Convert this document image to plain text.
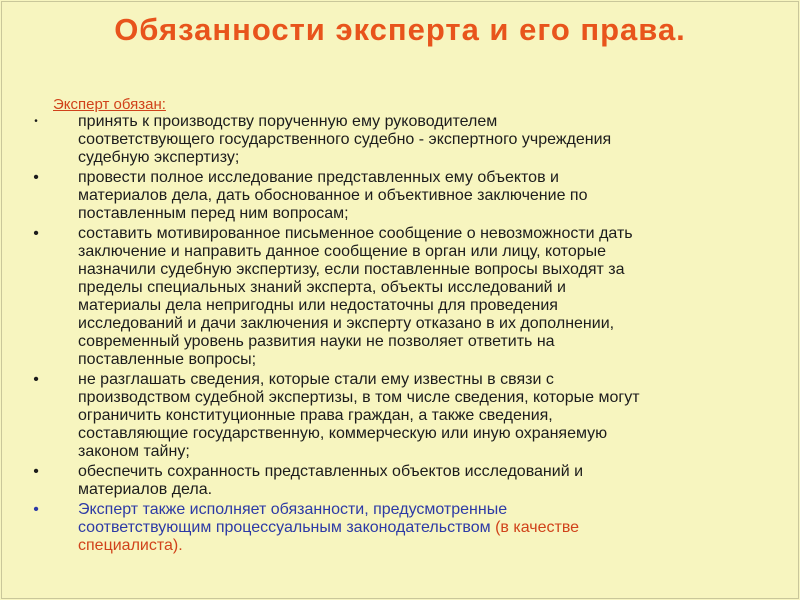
Обязанности эксперта и его права.

Эксперт обязан:

•	принять к производству порученную ему руководителем
соответствующего государственного судебно - экспертного учреждения
судебную экспертизу;
• провести полное исследование представленных ему объектов и
материалов дела, дать обоснованное и объективное заключение по
поставленным перед ним вопросам;
• составить мотивированное письменное сообщение о невозможности дать
заключение и направить данное сообщение в орган или лицу, которые
назначили судебную экспертизу, если поставленные вопросы выходят за
пределы специальных знаний эксперта, объекты исследований и
материалы дела непригодны или недостаточны для проведения
исследований и дачи заключения и эксперту отказано в их дополнении,
современный уровень развития науки не позволяет ответить на
поставленные вопросы;
• не разглашать сведения, которые стали ему известны в связи с
производством судебной экспертизы, в том числе сведения, которые могут
ограничить конституционные права граждан, а также сведения,
составляющие государственную, коммерческую или иную охраняемую
законом тайну;
• обеспечить сохранность представленных объектов исследований и
материалов дела.
• Эксперт также исполняет обязанности, предусмотренные
соответствующим процессуальным законодательством (в качестве
специалиста).
